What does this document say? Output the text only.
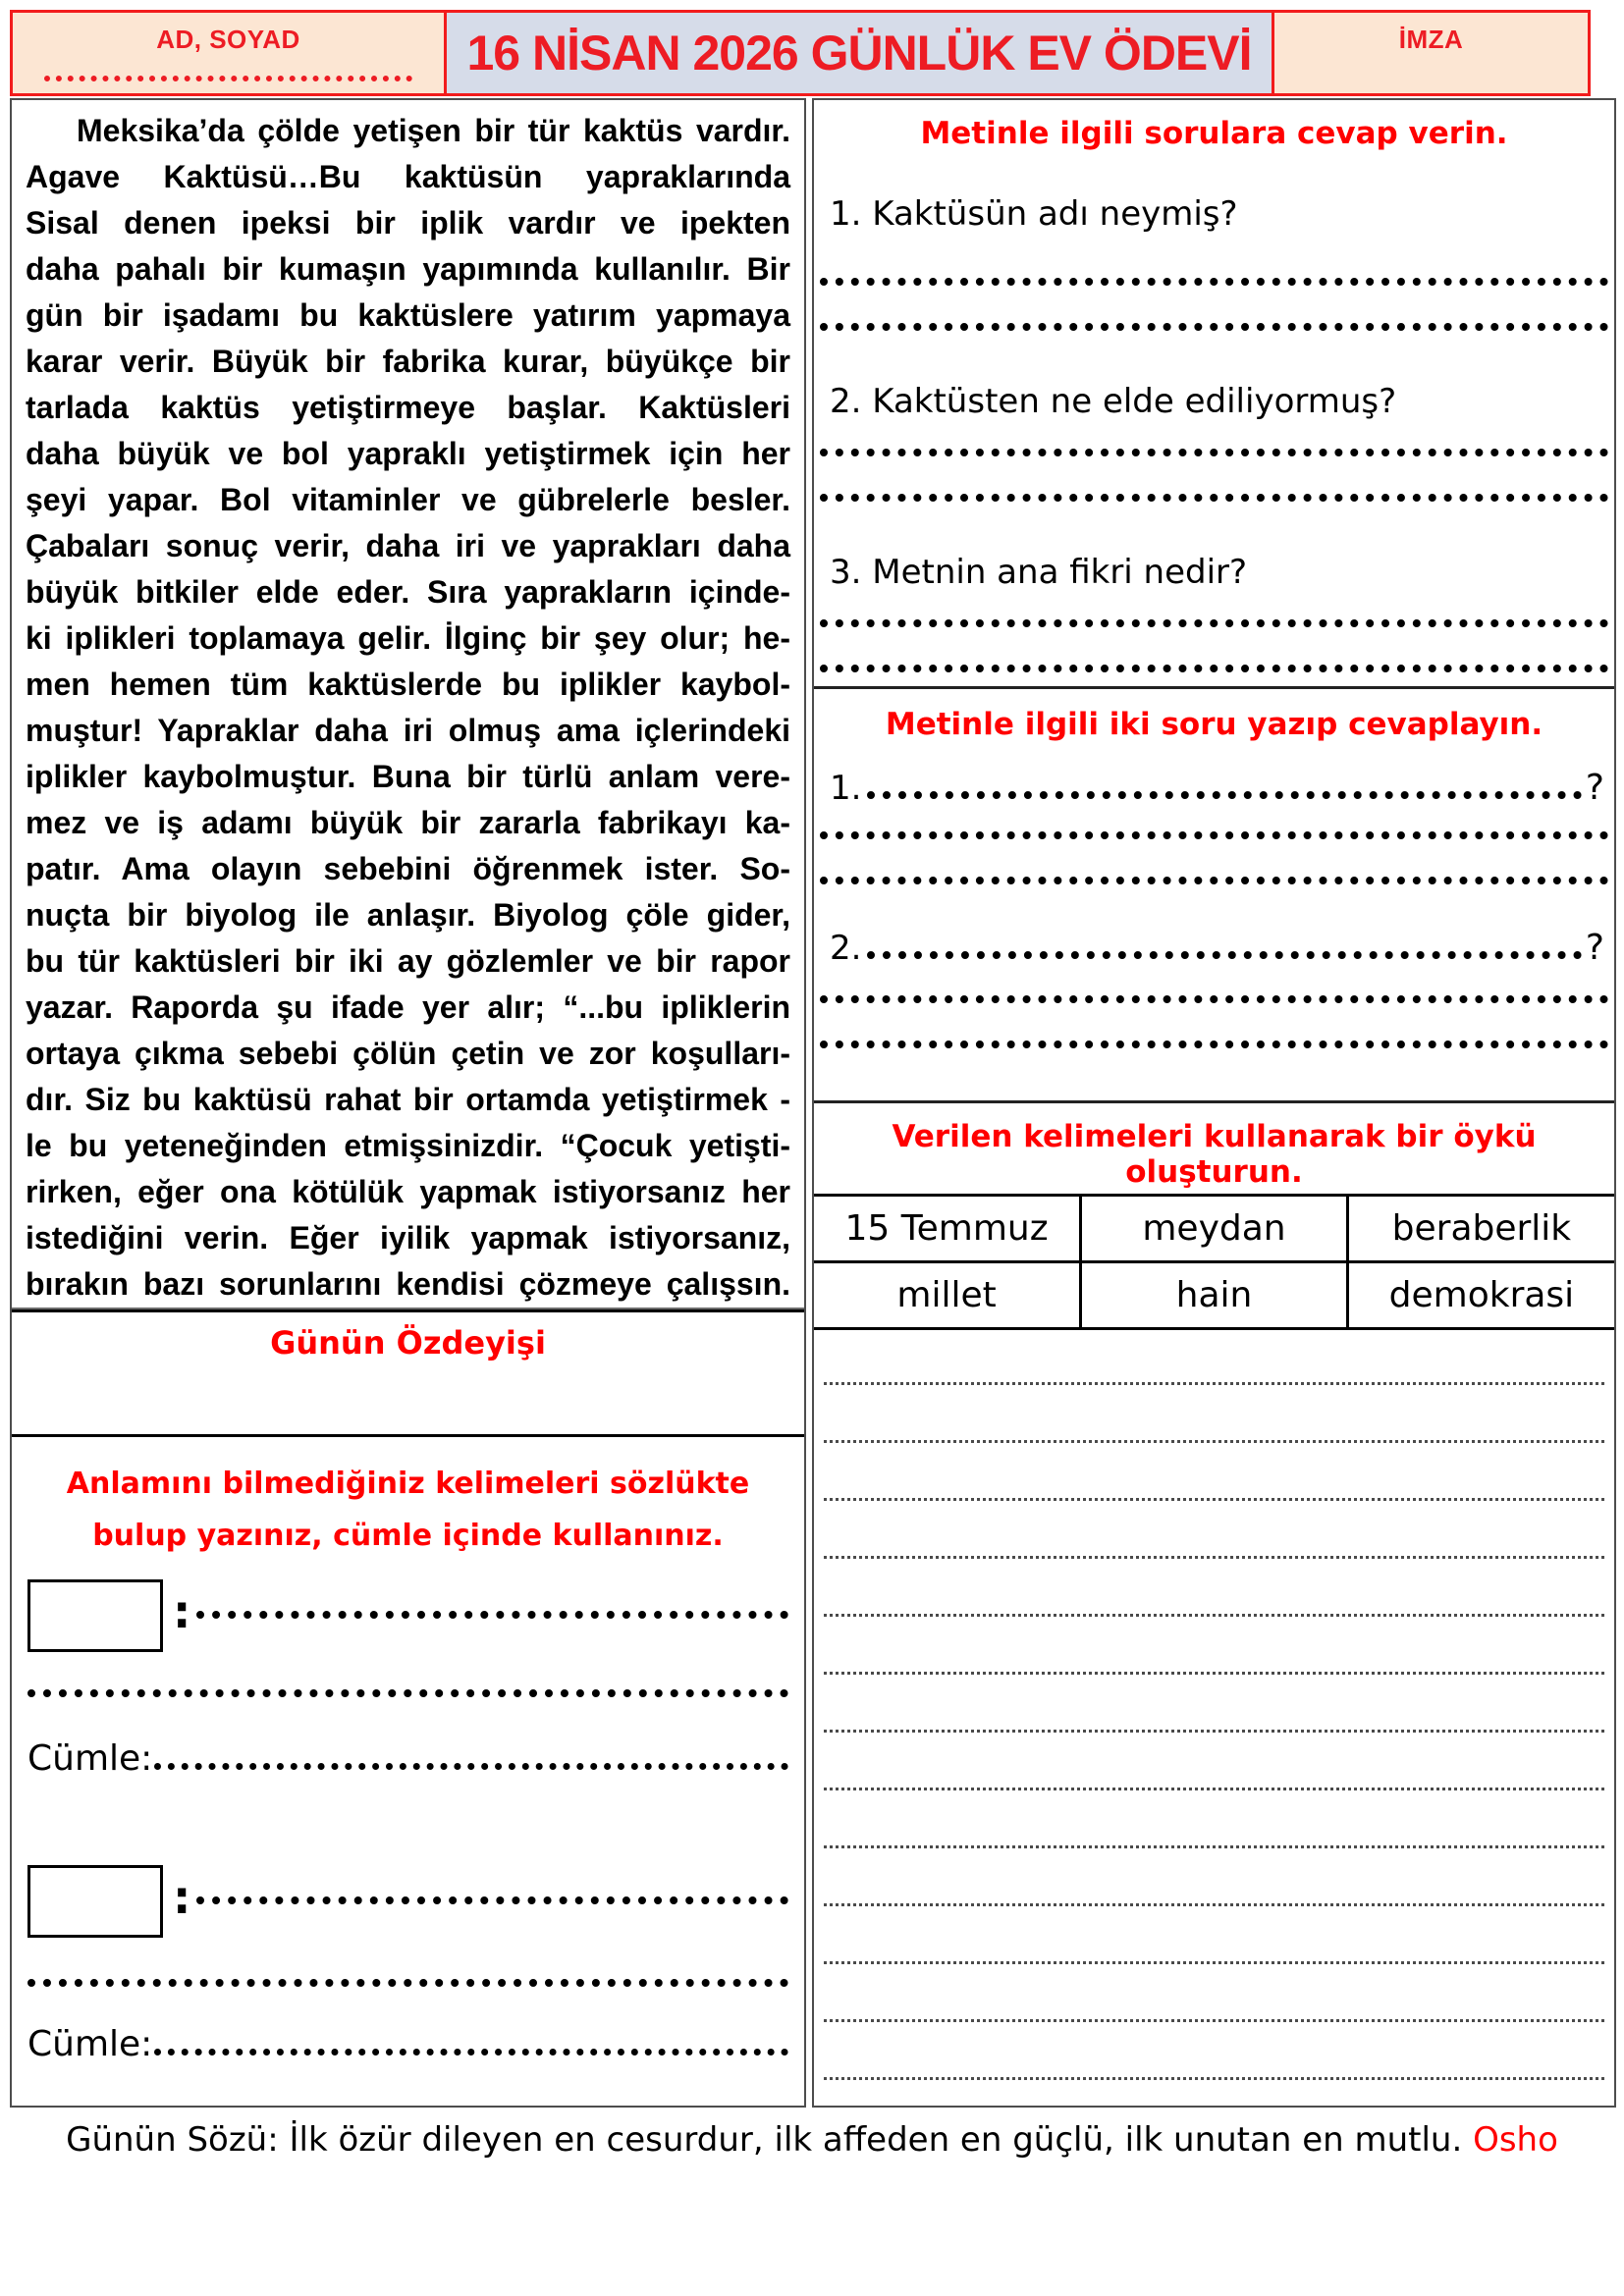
AD, SOYAD	16 NİSAN 2026 GÜNLÜK EV ÖDEVİ	İMZA
Meksika’da çölde yetişen bir tür kaktüs vardır.
Agave Kaktüsü…Bu kaktüsün yapraklarında
Sisal denen ipeksi bir iplik vardır ve ipekten
daha pahalı bir kumaşın yapımında kullanılır. Bir
gün bir işadamı bu kaktüslere yatırım yapmaya
karar verir. Büyük bir fabrika kurar, büyükçe bir
tarlada kaktüs yetiştirmeye başlar. Kaktüsleri
daha büyük ve bol yapraklı yetiştirmek için her
şeyi yapar. Bol vitaminler ve gübrelerle besler.
Çabaları sonuç verir, daha iri ve yaprakları daha
büyük bitkiler elde eder. Sıra yaprakların içinde-
ki iplikleri toplamaya gelir. İlginç bir şey olur; he-
men hemen tüm kaktüslerde bu iplikler kaybol-
muştur! Yapraklar daha iri olmuş ama içlerindeki
iplikler kaybolmuştur. Buna bir türlü anlam vere-
mez ve iş adamı büyük bir zararla fabrikayı ka-
patır. Ama olayın sebebini öğrenmek ister. So-
nuçta bir biyolog ile anlaşır. Biyolog çöle gider,
bu tür kaktüsleri bir iki ay gözlemler ve bir rapor
yazar. Raporda şu ifade yer alır; “...bu ipliklerin
ortaya çıkma sebebi çölün çetin ve zor koşulları-
dır. Siz bu kaktüsü rahat bir ortamda yetiştirmek -
le bu yeteneğinden etmişsinizdir. “Çocuk yetişti-
rirken, eğer ona kötülük yapmak istiyorsanız her
istediğini verin. Eğer iyilik yapmak istiyorsanız,
bırakın bazı sorunlarını kendisi çözmeye çalışsın.
Günün Özdeyişi
Anlamını bilmediğiniz kelimeleri sözlükte bulup yazınız, cümle içinde kullanınız.
:
Cümle:
:
Cümle:
Metinle ilgili sorulara cevap verin.
1. Kaktüsün adı neymiş?
2. Kaktüsten ne elde ediliyormuş?
3. Metnin ana fikri nedir?
Metinle ilgili iki soru yazıp cevaplayın.
1.	?
2.	?
Verilen kelimeleri kullanarak bir öykü oluşturun.
15 Temmuz	meydan	beraberlik
millet	hain	demokrasi
Günün Sözü: İlk özür dileyen en cesurdur, ilk affeden en güçlü, ilk unutan en mutlu. Osho
